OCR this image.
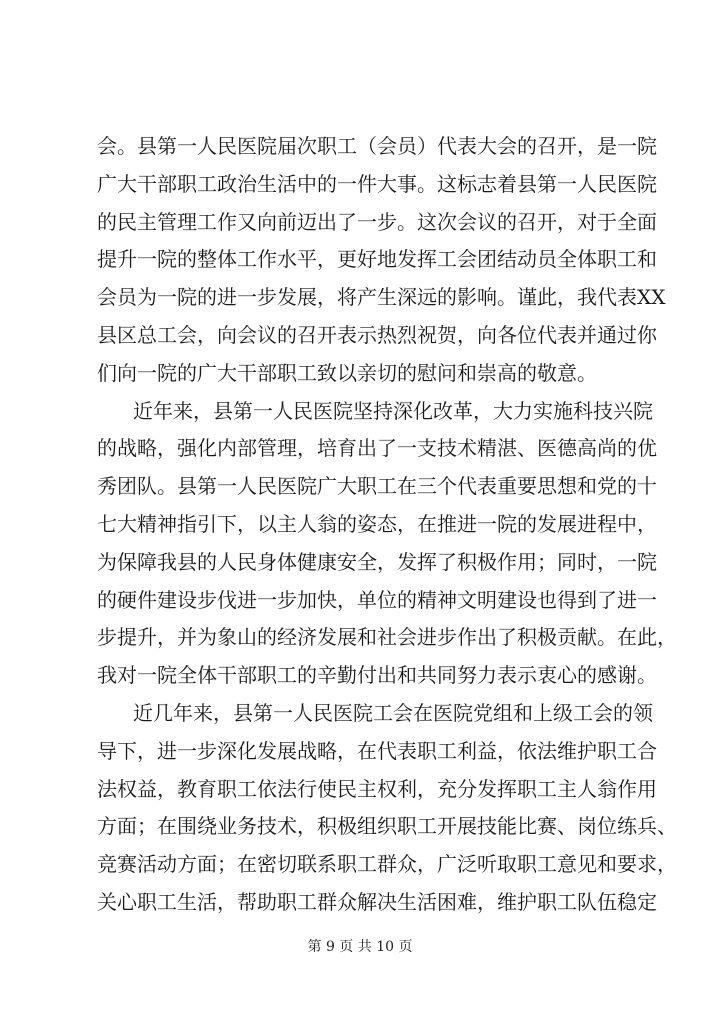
会。县第一人民医院届次职工（会员）代表大会的召开，是一院
广大干部职工政治生活中的一件大事。这标志着县第一人民医院
的民主管理工作又向前迈出了一步。这次会议的召开，对于全面
提升一院的整体工作水平，更好地发挥工会团结动员全体职工和
会员为一院的进一步发展，将产生深远的影响。谨此，我代表XX
县区总工会，向会议的召开表示热烈祝贺，向各位代表并通过你
们向一院的广大干部职工致以亲切的慰问和崇高的敬意。
近年来，县第一人民医院坚持深化改革，大力实施科技兴院
的战略，强化内部管理，培育出了一支技术精湛、医德高尚的优
秀团队。县第一人民医院广大职工在三个代表重要思想和党的十
七大精神指引下，以主人翁的姿态，在推进一院的发展进程中，
为保障我县的人民身体健康安全，发挥了积极作用；同时，一院
的硬件建设步伐进一步加快，单位的精神文明建设也得到了进一
步提升，并为象山的经济发展和社会进步作出了积极贡献。在此，
我对一院全体干部职工的辛勤付出和共同努力表示衷心的感谢。
近几年来，县第一人民医院工会在医院党组和上级工会的领
导下，进一步深化发展战略，在代表职工利益，依法维护职工合
法权益，教育职工依法行使民主权利，充分发挥职工主人翁作用
方面；在围绕业务技术，积极组织职工开展技能比赛、岗位练兵、
竞赛活动方面；在密切联系职工群众，广泛听取职工意见和要求，
关心职工生活，帮助职工群众解决生活困难，维护职工队伍稳定
第 9 页 共 10 页
